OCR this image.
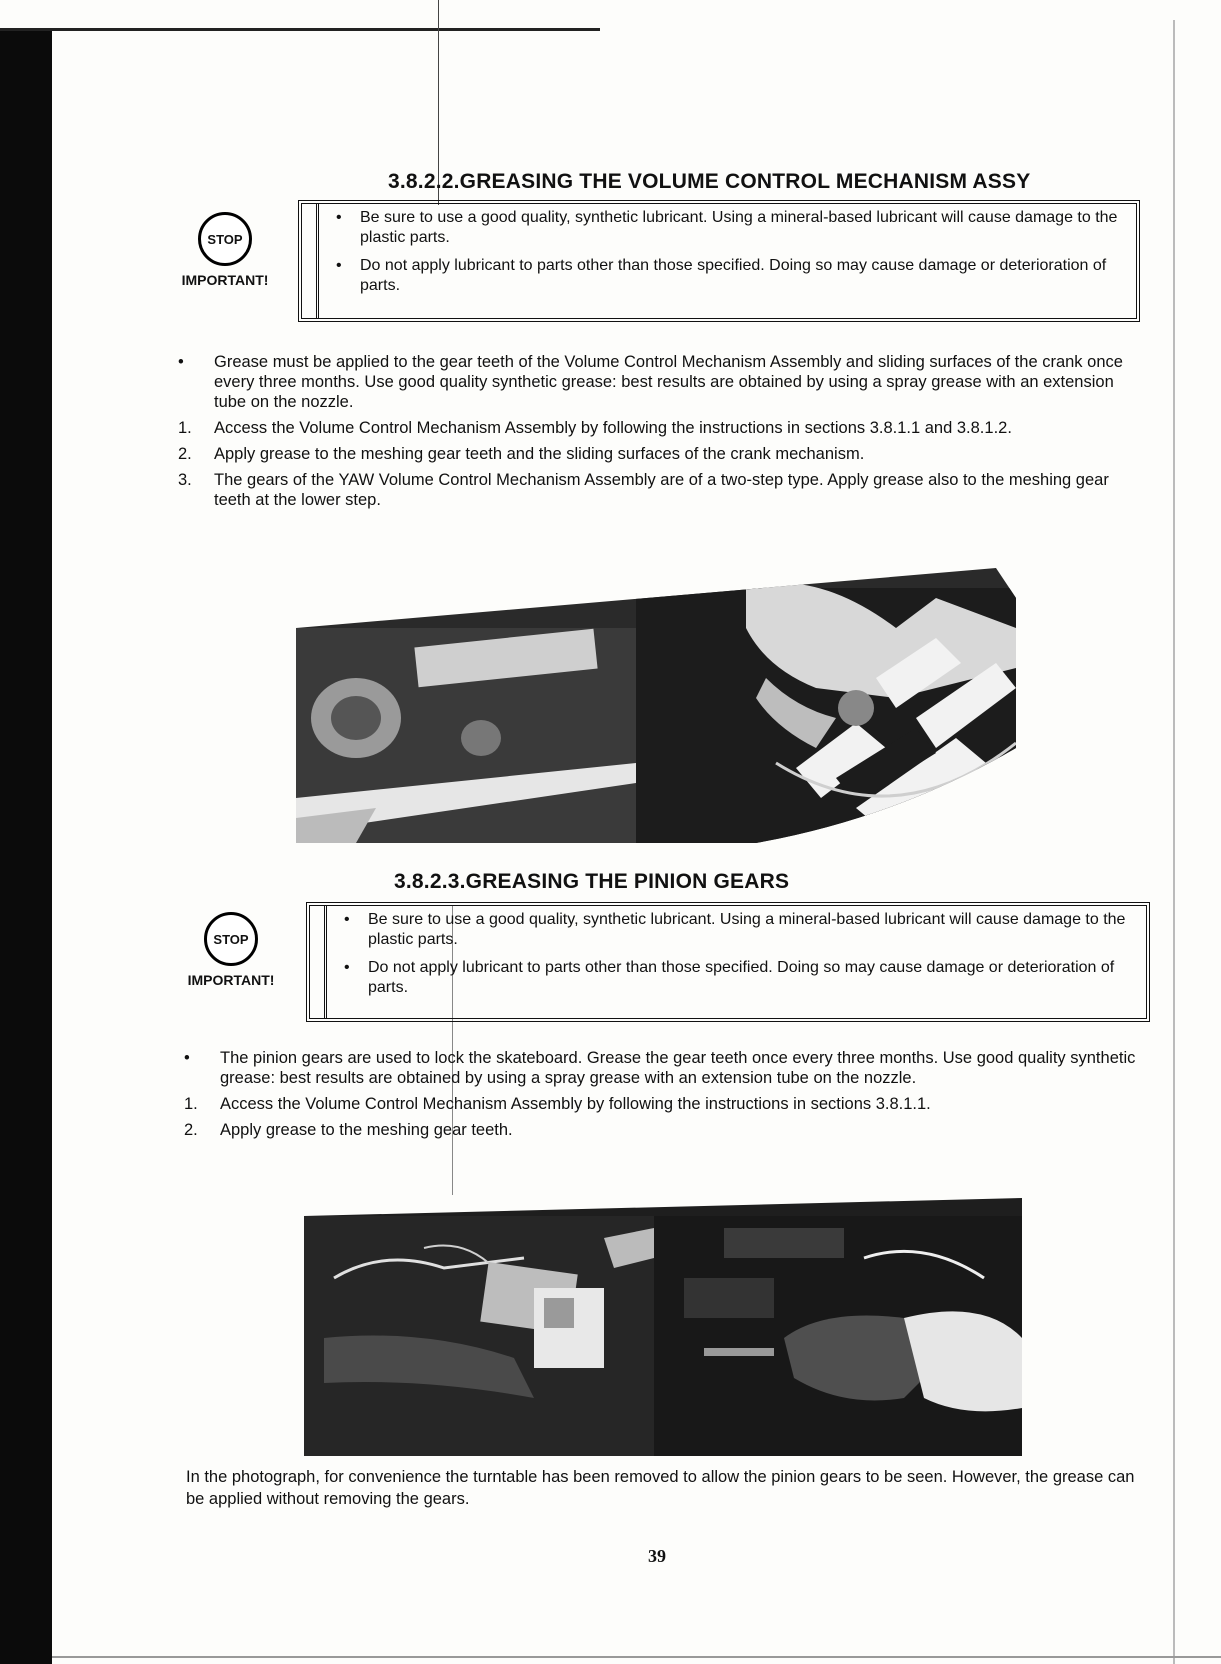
3.8.2.2.GREASING THE VOLUME CONTROL MECHANISM ASSY
STOP
IMPORTANT!
• Be sure to use a good quality, synthetic lubricant. Using a mineral-based lubricant will cause damage to the plastic parts.
• Do not apply lubricant to parts other than those specified. Doing so may cause damage or deterioration of parts.
• Grease must be applied to the gear teeth of the Volume Control Mechanism Assembly and sliding surfaces of the crank once every three months. Use good quality synthetic grease: best results are obtained by using a spray grease with an extension tube on the nozzle.
1. Access the Volume Control Mechanism Assembly by following the instructions in sections 3.8.1.1 and 3.8.1.2.
2. Apply grease to the meshing gear teeth and the sliding surfaces of the crank mechanism.
3. The gears of the YAW Volume Control Mechanism Assembly are of a two-step type. Apply grease also to the meshing gear teeth at the lower step.
3.8.2.3.GREASING THE PINION GEARS
STOP
IMPORTANT!
• Be sure to use a good quality, synthetic lubricant. Using a mineral-based lubricant will cause damage to the plastic parts.
• Do not apply lubricant to parts other than those specified. Doing so may cause damage or deterioration of parts.
• The pinion gears are used to lock the skateboard. Grease the gear teeth once every three months. Use good quality synthetic grease: best results are obtained by using a spray grease with an extension tube on the nozzle.
1. Access the Volume Control Mechanism Assembly by following the instructions in sections 3.8.1.1.
2. Apply grease to the meshing gear teeth.
In the photograph, for convenience the turntable has been removed to allow the pinion gears to be seen. However, the grease can be applied without removing the gears.
39
